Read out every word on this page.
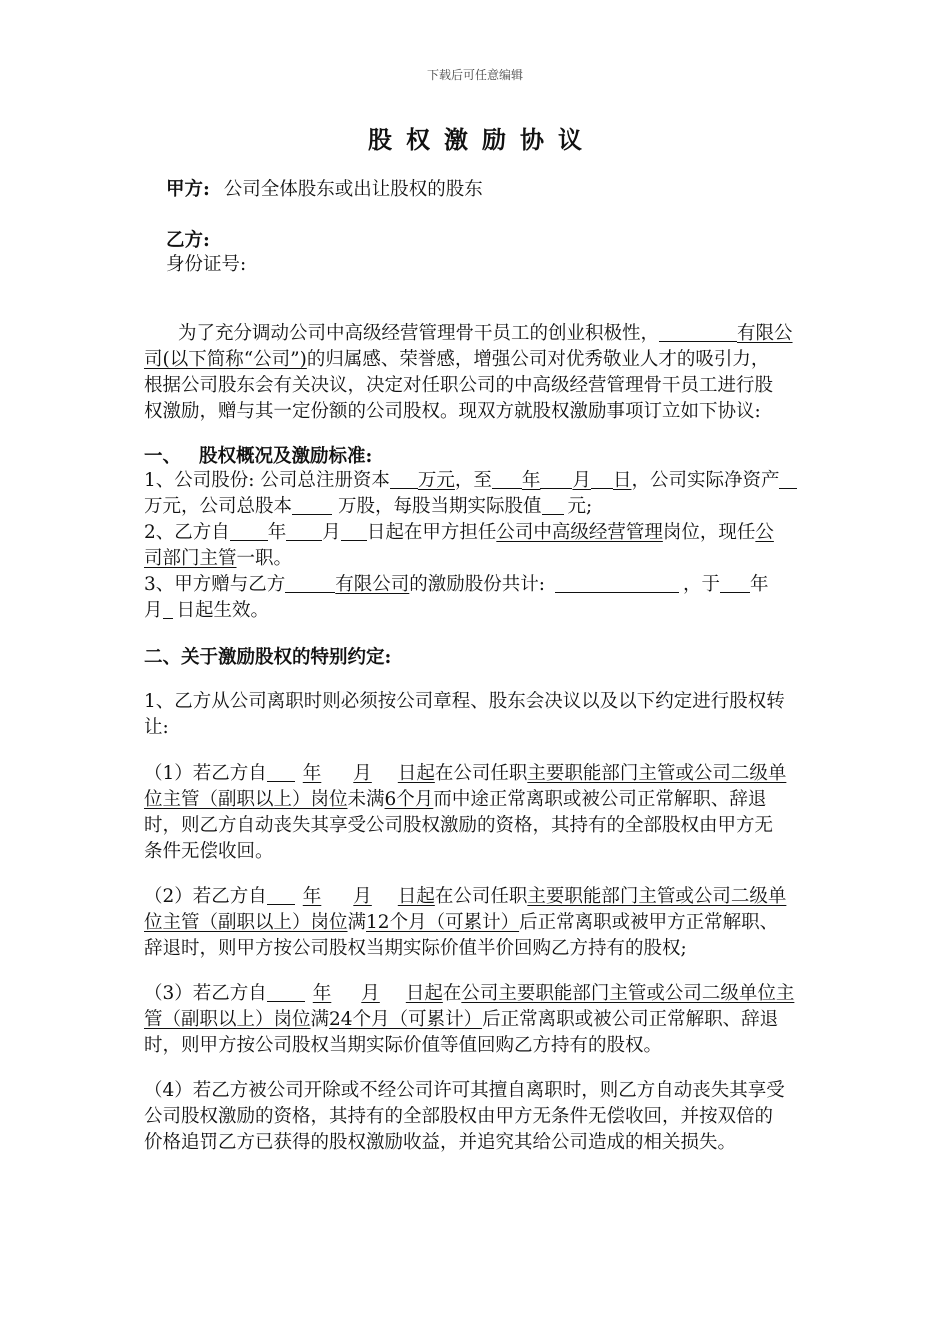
下载后可任意编辑
股权激励协议
甲方: 公司全体股东或出让股权的股东
乙方:
身份证号:
为了充分调动公司中高级经营管理骨干员工的创业积极性，	有限公
司(以下简称“公司”)的归属感、荣誉感，增强公司对优秀敬业人才的吸引力，
根据公司股东会有关决议，决定对任职公司的中高级经营管理骨干员工进行股
权激励，赠与其一定份额的公司股权。现双方就股权激励事项订立如下协议:
一、 股权概况及激励标准:
1、公司股份: 公司总注册资本 万元，至 年 月 日，公司实际净资产
万元，公司总股本 万股，每股当期实际股值 元;
2、乙方自 年 月 日起在甲方担任公司中高级经营管理岗位，现任公
司部门主管一职。
3、甲方赠与乙方	有限公司的激励股份共计:	，于 年
月 日起生效。
二、关于激励股权的特别约定:
1、乙方从公司离职时则必须按公司章程、股东会决议以及以下约定进行股权转
让:
（1）若乙方自 年 月 日起在公司任职主要职能部门主管或公司二级单
位主管（副职以上）岗位未满6个月而中途正常离职或被公司正常解职、辞退
时，则乙方自动丧失其享受公司股权激励的资格，其持有的全部股权由甲方无
条件无偿收回。
（2）若乙方自 年 月 日起在公司任职主要职能部门主管或公司二级单
位主管（副职以上）岗位满12个月（可累计）后正常离职或被甲方正常解职、
辞退时，则甲方按公司股权当期实际价值半价回购乙方持有的股权;
（3）若乙方自 年 月 日起在公司主要职能部门主管或公司二级单位主
管（副职以上）岗位满24个月（可累计）后正常离职或被公司正常解职、辞退
时，则甲方按公司股权当期实际价值等值回购乙方持有的股权。
（4）若乙方被公司开除或不经公司许可其擅自离职时，则乙方自动丧失其享受
公司股权激励的资格，其持有的全部股权由甲方无条件无偿收回，并按双倍的
价格追罚乙方已获得的股权激励收益，并追究其给公司造成的相关损失。
